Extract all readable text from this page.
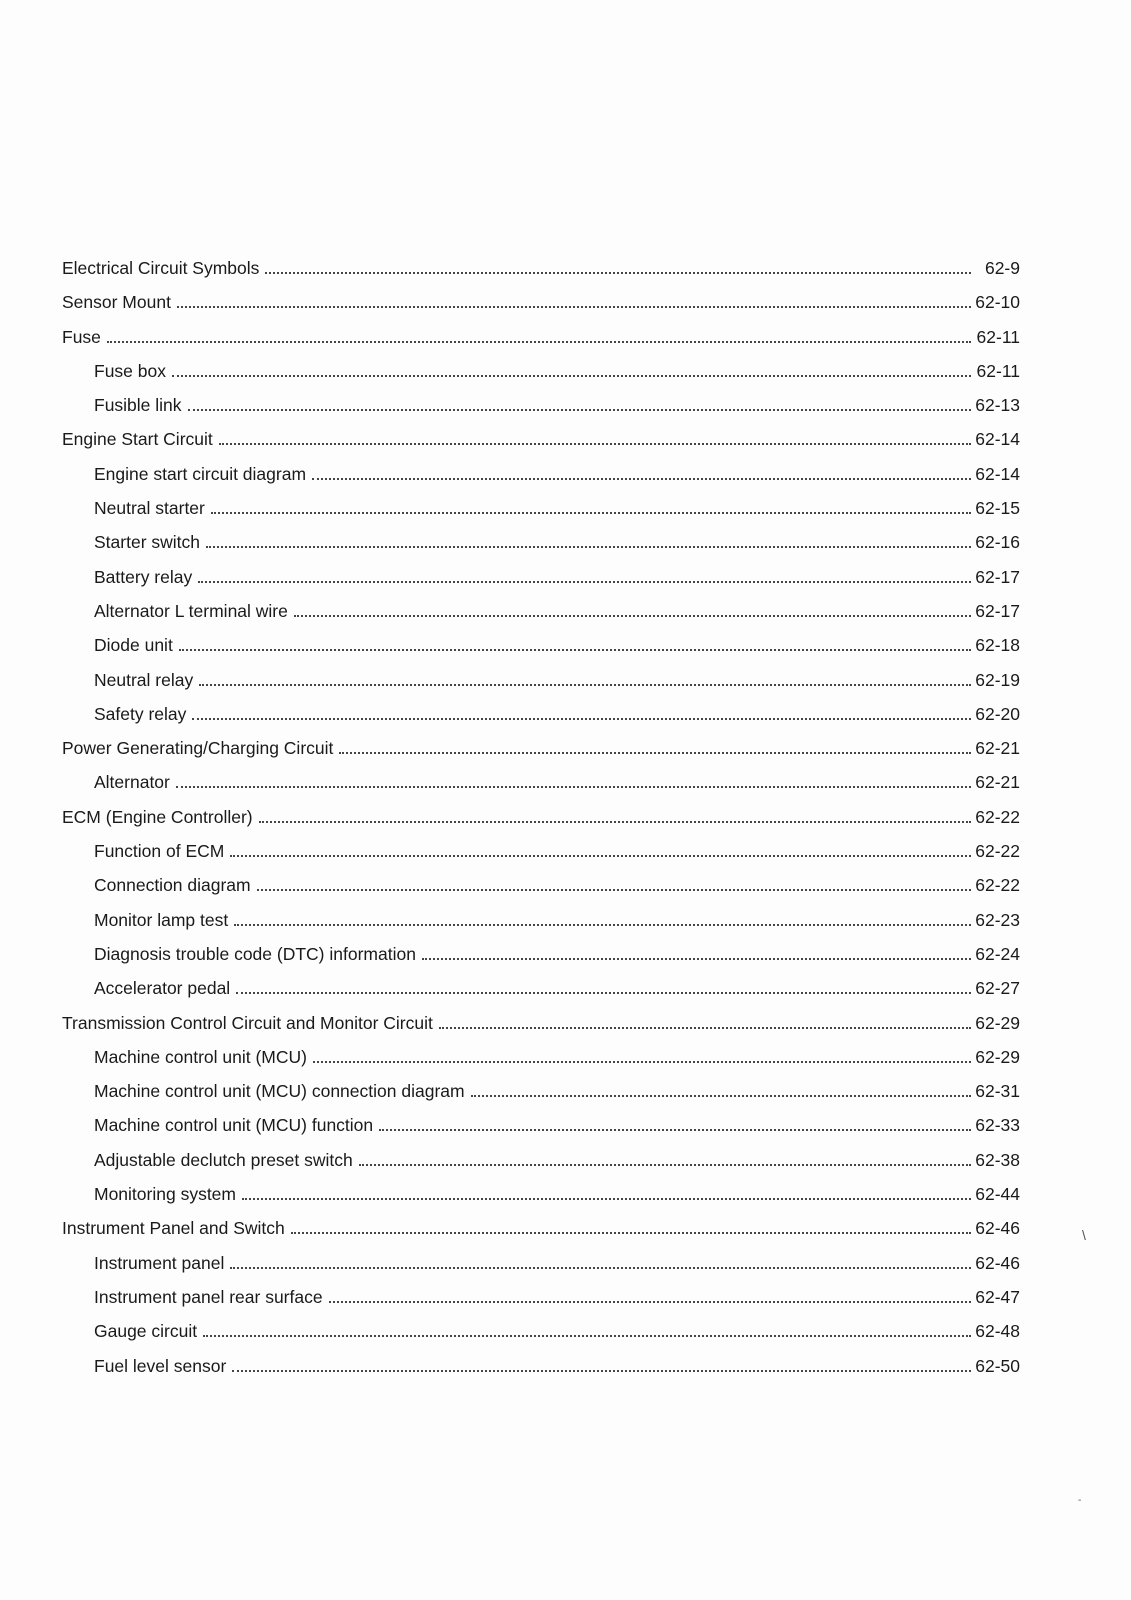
Electrical Circuit Symbols	62-9
Sensor Mount	62-10
Fuse	62-11
Fuse box	62-11
Fusible link	62-13
Engine Start Circuit	62-14
Engine start circuit diagram	62-14
Neutral starter	62-15
Starter switch	62-16
Battery relay	62-17
Alternator L terminal wire	62-17
Diode unit	62-18
Neutral relay	62-19
Safety relay	62-20
Power Generating/Charging Circuit	62-21
Alternator	62-21
ECM (Engine Controller)	62-22
Function of ECM	62-22
Connection diagram	62-22
Monitor lamp test	62-23
Diagnosis trouble code (DTC) information	62-24
Accelerator pedal	62-27
Transmission Control Circuit and Monitor Circuit	62-29
Machine control unit (MCU)	62-29
Machine control unit (MCU) connection diagram	62-31
Machine control unit (MCU) function	62-33
Adjustable declutch preset switch	62-38
Monitoring system	62-44
Instrument Panel and Switch	62-46
Instrument panel	62-46
Instrument panel rear surface	62-47
Gauge circuit	62-48
Fuel level sensor	62-50
\
-
